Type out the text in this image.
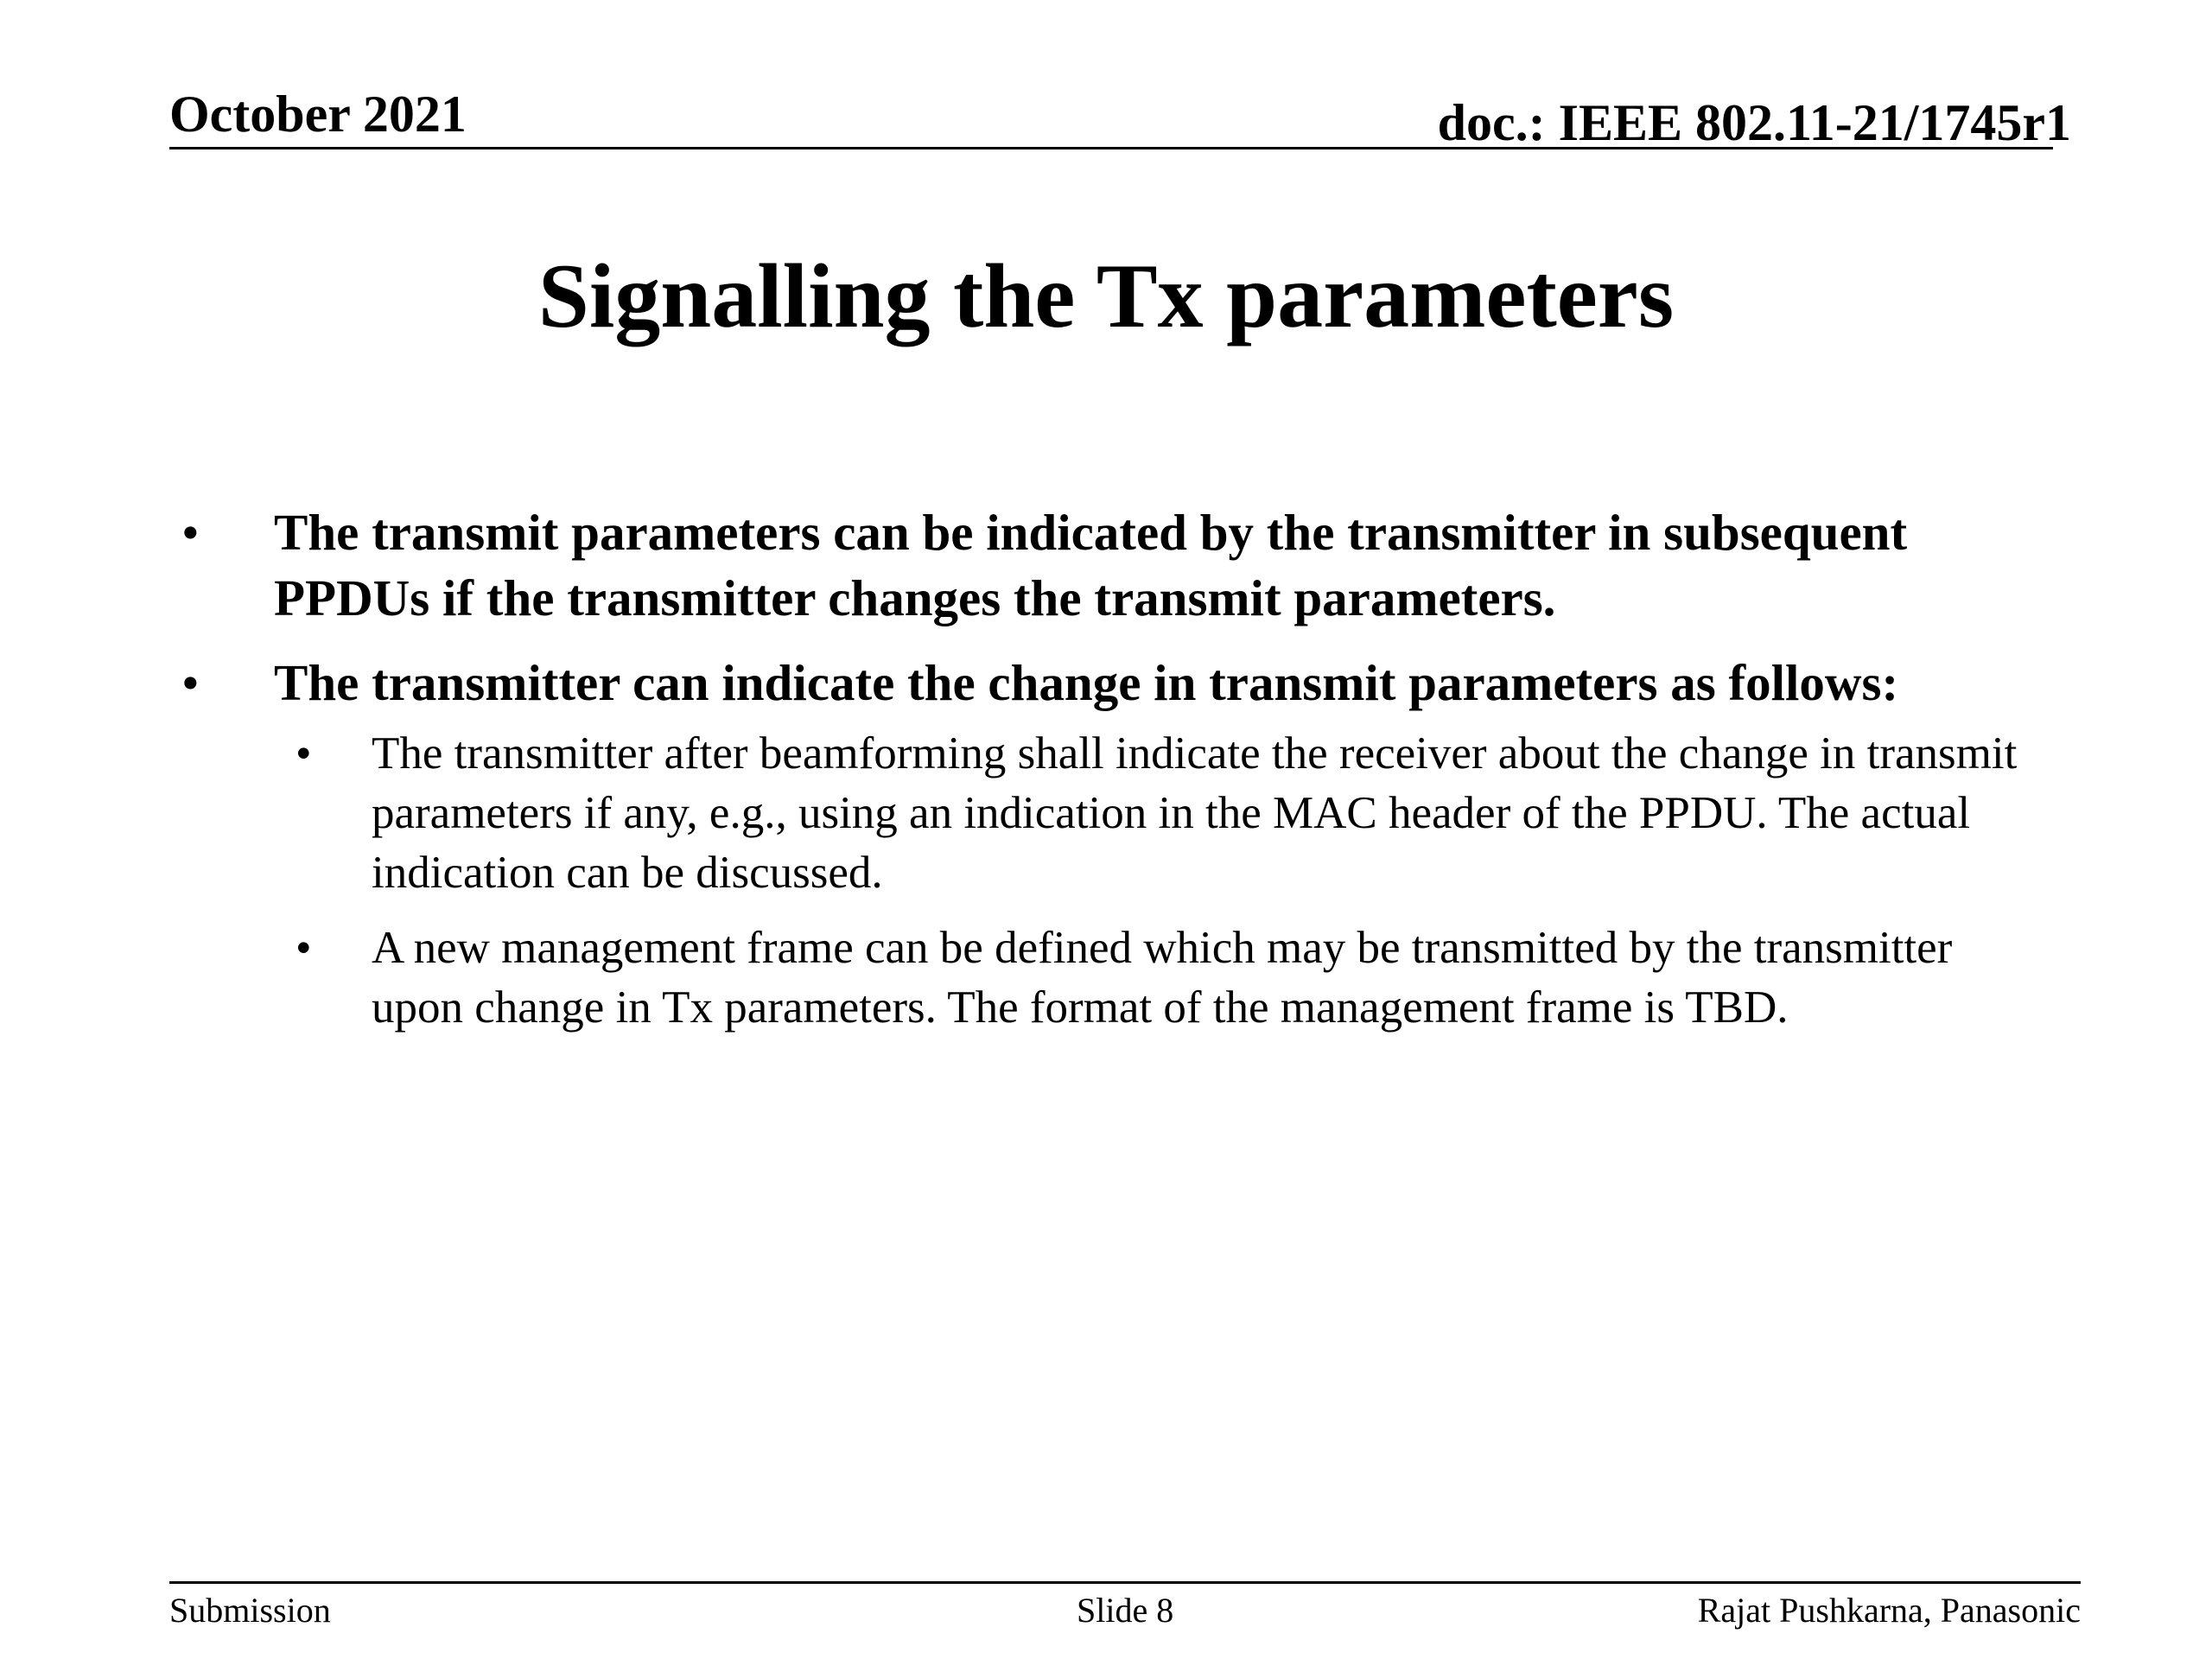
October 2021	doc.: IEEE 802.11-21/1745r1
Signalling the Tx parameters
• The transmit parameters can be indicated by the transmitter in subsequent PPDUs if the transmitter changes the transmit parameters.
• The transmitter can indicate the change in transmit parameters as follows:
• The transmitter after beamforming shall indicate the receiver about the change in transmit parameters if any, e.g., using an indication in the MAC header of the PPDU. The actual indication can be discussed.
• A new management frame can be defined which may be transmitted by the transmitter upon change in Tx parameters. The format of the management frame is TBD.
Submission	Slide 8	Rajat Pushkarna, Panasonic
